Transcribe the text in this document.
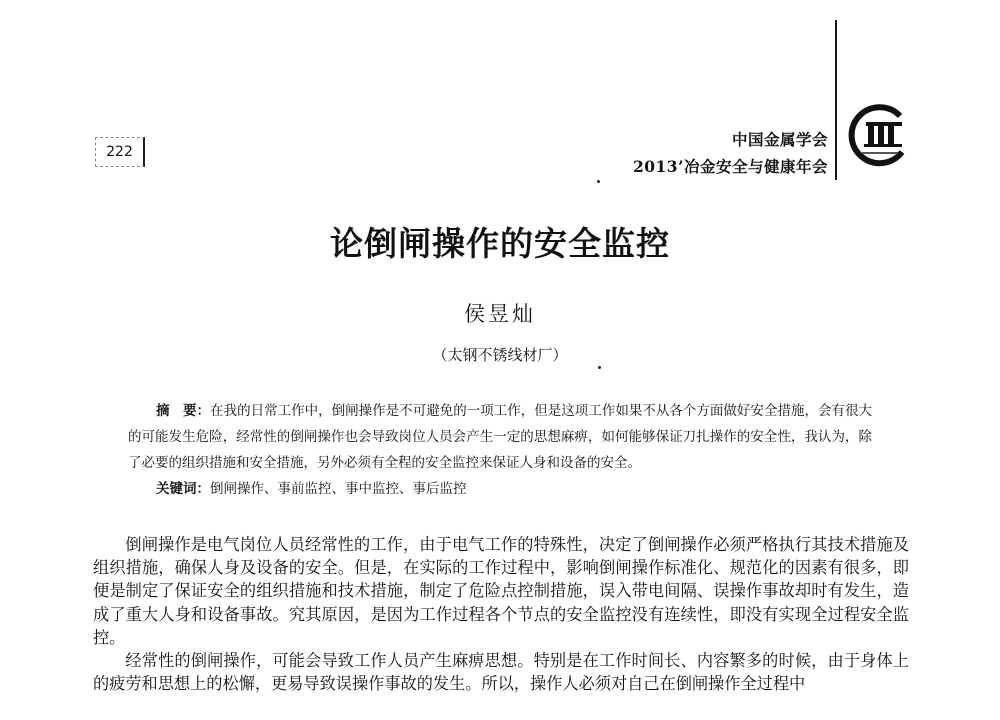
222
中国金属学会
2013’冶金安全与健康年会
论倒闸操作的安全监控
侯昱灿
（太钢不锈线材厂）
摘　要：在我的日常工作中，倒闸操作是不可避免的一项工作，但是这项工作如果不从各个方面做好安全措施，会有很大的可能发生危险，经常性的倒闸操作也会导致岗位人员会产生一定的思想麻痹，如何能够保证刀扎操作的安全性，我认为，除了必要的组织措施和安全措施，另外必须有全程的安全监控来保证人身和设备的安全。
关键词：倒闸操作、事前监控、事中监控、事后监控

倒闸操作是电气岗位人员经常性的工作，由于电气工作的特殊性，决定了倒闸操作必须严格执行其技术措施及组织措施，确保人身及设备的安全。但是，在实际的工作过程中，影响倒闸操作标准化、规范化的因素有很多，即便是制定了保证安全的组织措施和技术措施，制定了危险点控制措施，误入带电间隔、误操作事故却时有发生，造成了重大人身和设备事故。究其原因，是因为工作过程各个节点的安全监控没有连续性，即没有实现全过程安全监控。

经常性的倒闸操作，可能会导致工作人员产生麻痹思想。特别是在工作时间长、内容繁多的时候，由于身体上的疲劳和思想上的松懈，更易导致误操作事故的发生。所以，操作人必须对自己在倒闸操作全过程中
